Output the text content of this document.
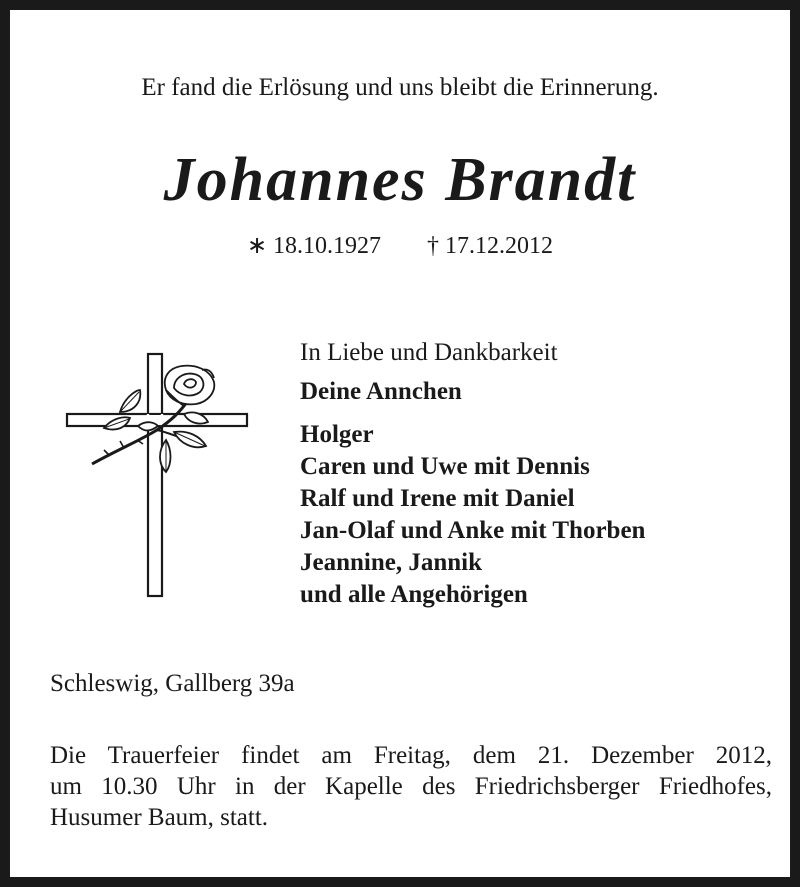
Er fand die Erlösung und uns bleibt die Erinnerung.
Johannes Brandt
∗ 18.10.1927 † 17.12.2012
In Liebe und Dankbarkeit
Deine Annchen
Holger
Caren und Uwe mit Dennis
Ralf und Irene mit Daniel
Jan-Olaf und Anke mit Thorben
Jeannine, Jannik
und alle Angehörigen
Schleswig, Gallberg 39a
Die Trauerfeier findet am Freitag, dem 21. Dezember 2012,
um 10.30 Uhr in der Kapelle des Friedrichsberger Friedhofes,
Husumer Baum, statt.
